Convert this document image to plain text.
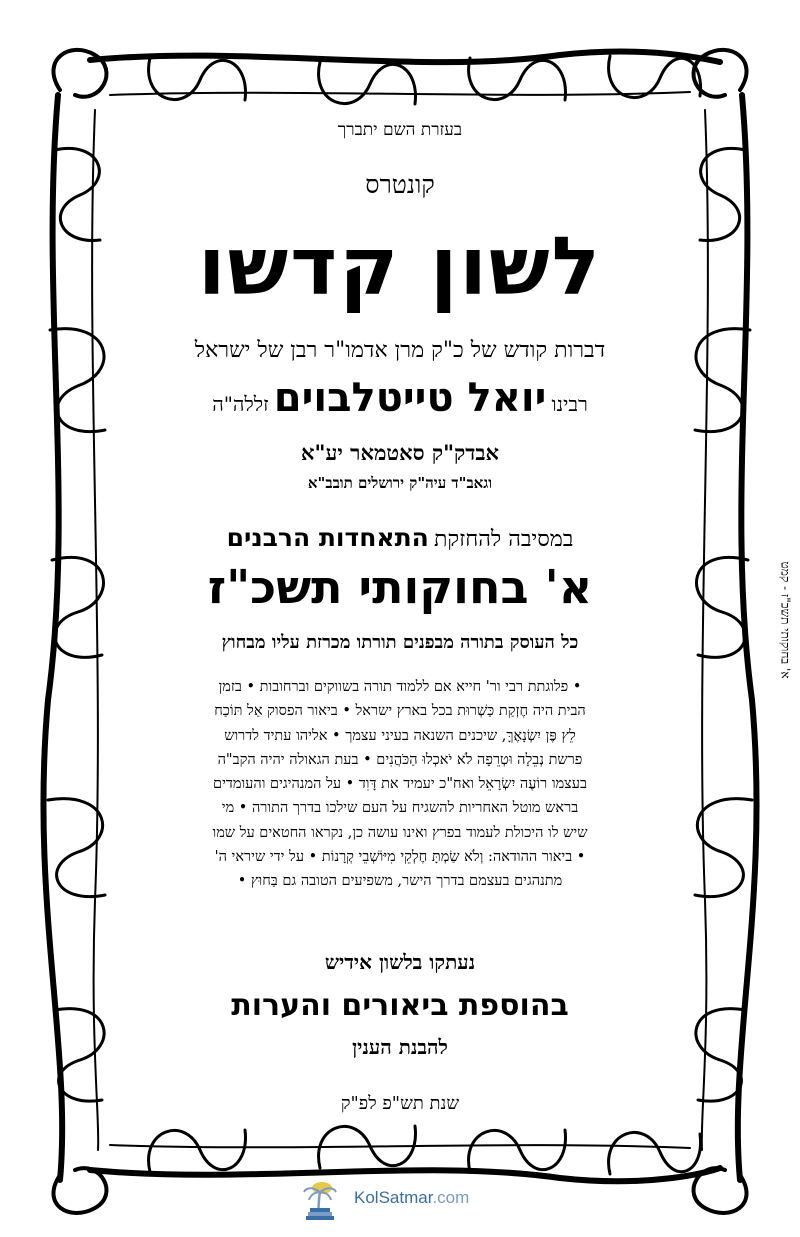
בעזרת השם יתברך
קונטרס
לשון קדשו
דברות קודש של כ"ק מרן אדמו"ר רבן של ישראל
רבינו יואל טייטלבוים זללה"ה
אבדק"ק סאטמאר יע"א
וגאב"ד עיה"ק ירושלים תובב"א
במסיבה להחזקת התאחדות הרבנים
א' בחוקותי תשכ"ז
כל העוסק בתורה מבפנים תורתו מכרזת עליו מבחוץ
• פלוגתת רבי ור' חייא אם ללמוד תורה בשווקים וברחובות • בזמן
הבית היה חֶזְקַת כַּשְׁרוּת בכל בארץ ישראל • ביאור הפסוק אַל תּוֹכַח
לֵץ פֶּן יִשְׂנָאֶךָּ, שיכנים השנאה בעיני עצמך • אליהו עתיד לדרוש
פרשת נְבֵלָה וּטְרֵפָה לֹא יֹאכְלוּ הַכֹּהֲנִים • בעת הגאולה יהיה הקב"ה
בעצמו רוֹעֶה יִשְׂרָאֵל ואח"כ יעמיד את דָּוִד • על המנהיגים והעומדים
בראש מוטל האחריות להשגיח על העם שילכו בדרך התורה • מי
שיש לו היכולת לעמוד בפרץ ואינו עושה כן, נקראו החטאים על שמו
• ביאור ההודאה: וְלֹא שַׂמְתָּ חֶלְקֵי מִיּוֹשְׁבֵי קְרָנוֹת • על ידי שיראי ה'
מתנהגים בעצמם בדרך הישר, משפיעים הטובה גם בַּחוּץ •
נעתקו בלשון אידיש
בהוספת ביאורים והערות
להבנת הענין
שנת תש"פ לפ"ק
א' בחוקותי תשכ"ז - קמט
KolSatmar.com
